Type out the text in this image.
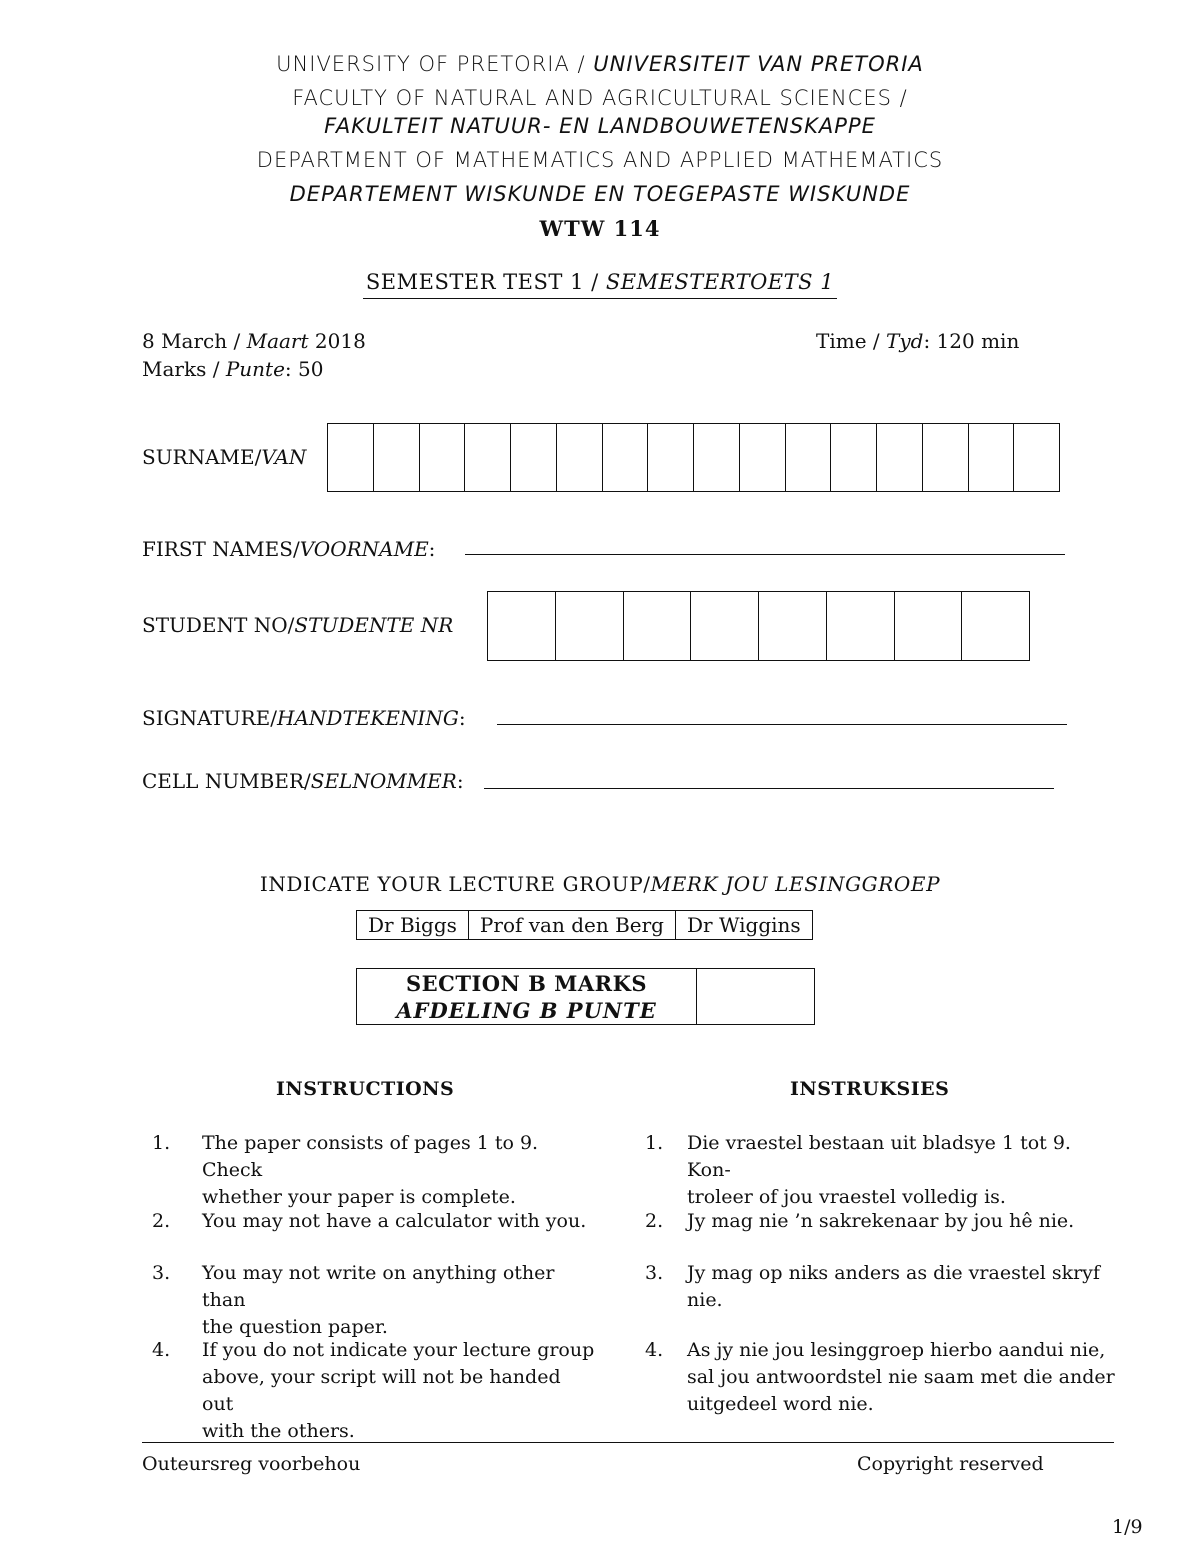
UNIVERSITY OF PRETORIA / UNIVERSITEIT VAN PRETORIA
FACULTY OF NATURAL AND AGRICULTURAL SCIENCES /
FAKULTEIT NATUUR- EN LANDBOUWETENSKAPPE
DEPARTMENT OF MATHEMATICS AND APPLIED MATHEMATICS
DEPARTEMENT WISKUNDE EN TOEGEPASTE WISKUNDE
WTW 114
SEMESTER TEST 1 / SEMESTERTOETS 1
8 March / Maart 2018
Marks / Punte: 50
Time / Tyd: 120 min
SURNAME/VAN
FIRST NAMES/VOORNAME:
STUDENT NO/STUDENTE NR
SIGNATURE/HANDTEKENING:
CELL NUMBER/SELNOMMER:
INDICATE YOUR LECTURE GROUP/MERK JOU LESINGGROEP
Dr Biggs	Prof van den Berg	Dr Wiggins
SECTION B MARKS
AFDELING B PUNTE
INSTRUCTIONS	INSTRUKSIES
1. The paper consists of pages 1 to 9. Check
whether your paper is complete.
2. You may not have a calculator with you.
3. You may not write on anything other than
the question paper.
4. If you do not indicate your lecture group
above, your script will not be handed out
with the others.
1. Die vraestel bestaan uit bladsye 1 tot 9. Kon-
troleer of jou vraestel volledig is.
2. Jy mag nie ’n sakrekenaar by jou hê nie.
3. Jy mag op niks anders as die vraestel skryf
nie.
4. As jy nie jou lesinggroep hierbo aandui nie,
sal jou antwoordstel nie saam met die ander
uitgedeel word nie.
Outeursreg voorbehou	Copyright reserved
1/9
